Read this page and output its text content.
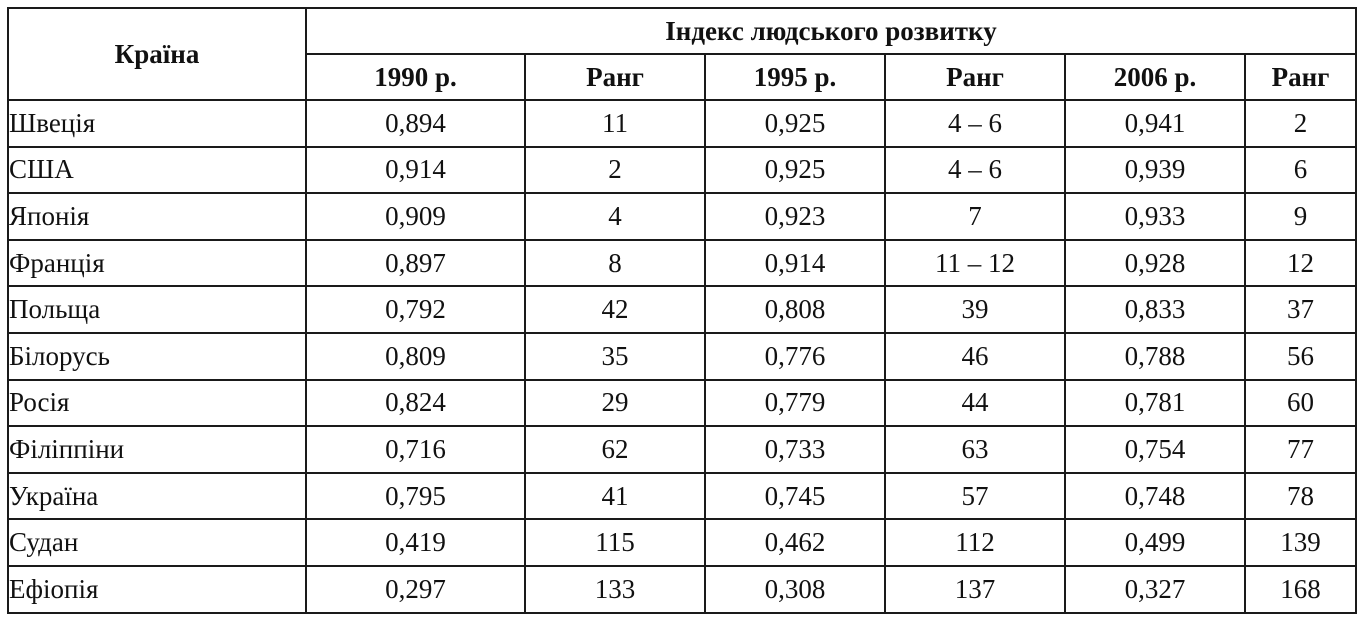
Країна	Індекс людського розвитку					
	1990 р.	Ранг	1995 р.	Ранг	2006 р.	Ранг
Швеція	0,894	11	0,925	4 – 6	0,941	2
США	0,914	2	0,925	4 – 6	0,939	6
Японія	0,909	4	0,923	7	0,933	9
Франція	0,897	8	0,914	11 – 12	0,928	12
Польща	0,792	42	0,808	39	0,833	37
Білорусь	0,809	35	0,776	46	0,788	56
Росія	0,824	29	0,779	44	0,781	60
Філіппіни	0,716	62	0,733	63	0,754	77
Україна	0,795	41	0,745	57	0,748	78
Судан	0,419	115	0,462	112	0,499	139
Ефіопія	0,297	133	0,308	137	0,327	168
